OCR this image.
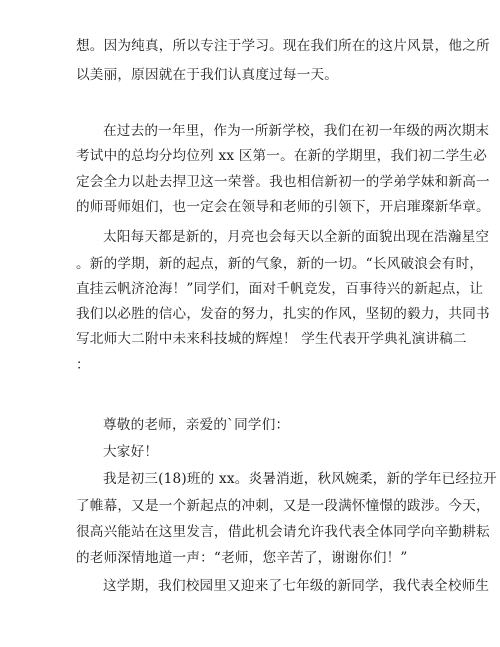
想。因为纯真，所以专注于学习。现在我们所在的这片风景，他之所
以美丽，原因就在于我们认真度过每一天。
在过去的一年里，作为一所新学校，我们在初一年级的两次期末
考试中的总均分均位列 xx 区第一。在新的学期里，我们初二学生必
定会全力以赴去捍卫这一荣誉。我也相信新初一的学弟学妹和新高一
的师哥师姐们，也一定会在领导和老师的引领下，开启璀璨新华章。
太阳每天都是新的，月亮也会每天以全新的面貌出现在浩瀚星空
。新的学期，新的起点，新的气象，新的一切。“长风破浪会有时，
直挂云帆济沧海！”同学们，面对千帆竞发，百事待兴的新起点，让
我们以必胜的信心，发奋的努力，扎实的作风，坚韧的毅力，共同书
写北师大二附中未来科技城的辉煌！ 学生代表开学典礼演讲稿二
：
尊敬的老师，亲爱的`同学们：
大家好！
我是初三(18)班的 xx。炎暑消逝，秋风婉柔，新的学年已经拉开
了帷幕，又是一个新起点的冲刺，又是一段满怀憧憬的跋涉。今天，
很高兴能站在这里发言，借此机会请允许我代表全体同学向辛勤耕耘
的老师深情地道一声：“老师，您辛苦了，谢谢你们！”
这学期，我们校园里又迎来了七年级的新同学，我代表全校师生
